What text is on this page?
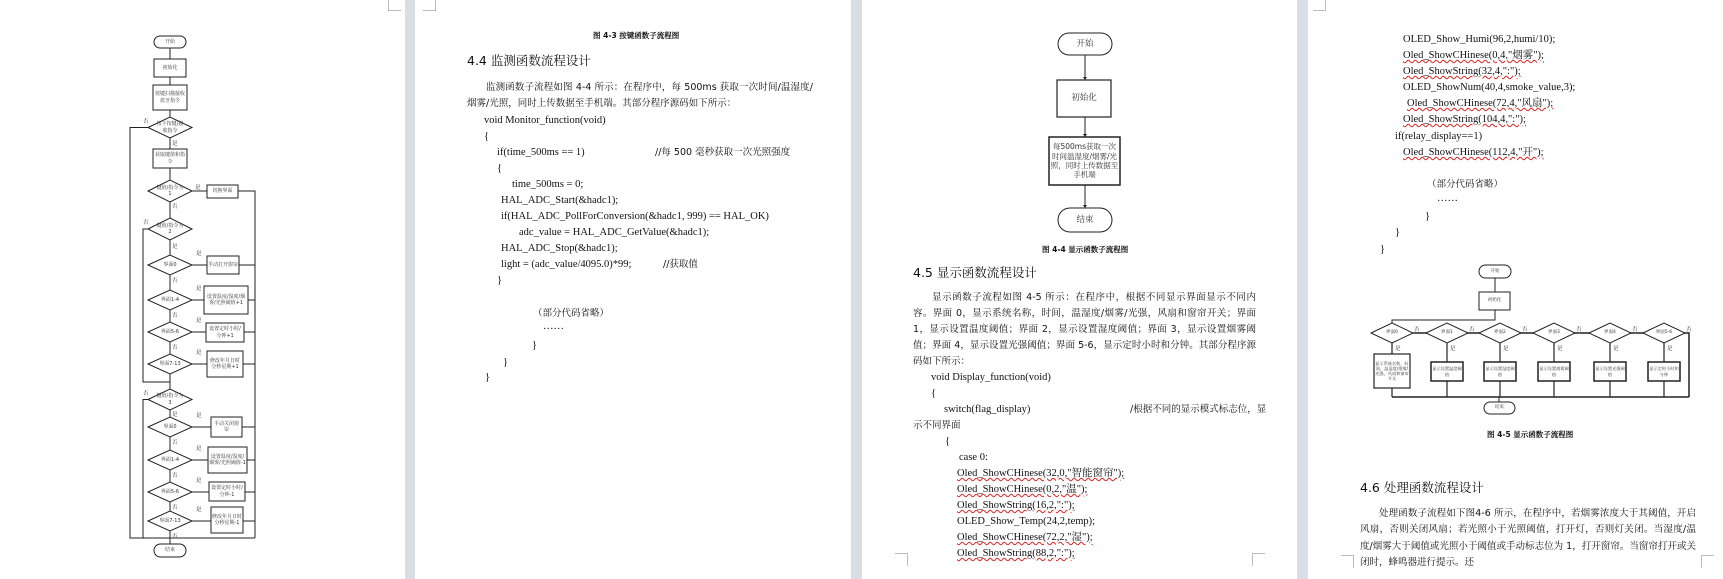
图 4-3 按键函数子流程图
4.4 监测函数流程设计
监测函数子流程如图 4-4 所示：在程序中，每 500ms 获取一次时间/温湿度/烟雾/光照，同时上传数据至手机端。其部分程序源码如下所示：
void Monitor_function(void)
{
if(time_500ms == 1)	//每 500 毫秒获取一次光照强度
{
time_500ms = 0;
HAL_ADC_Start(&hadc1);
if(HAL_ADC_PollForConversion(&hadc1, 999) == HAL_OK)
adc_value = HAL_ADC_GetValue(&hadc1);
HAL_ADC_Stop(&hadc1);
light = (adc_value/4095.0)*99;	//获取值
}
（部分代码省略）
……
}
}
}
图 4-4 显示函数子流程图
4.5 显示函数流程设计
显示函数子流程如图 4-5 所示：在程序中，根据不同显示界面显示不同内容。界面 0，显示系统名称，时间，温湿度/烟雾/光强，风扇和窗帘开关；界面 1，显示设置温度阈值；界面 2，显示设置湿度阈值；界面 3，显示设置烟雾阈值；界面 4，显示设置光强阈值；界面 5-6，显示定时小时和分钟。其部分程序源码如下所示：
void Display_function(void)
{
switch(flag_display)	/根据不同的显示模式标志位，显
示不同界面
{
case 0:
Oled_ShowCHinese(32,0,"智能窗帘");
Oled_ShowCHinese(0,2,"温");
Oled_ShowString(16,2,":");
OLED_Show_Temp(24,2,temp);
Oled_ShowCHinese(72,2,"湿");
Oled_ShowString(88,2,":");
OLED_Show_Humi(96,2,humi/10);
Oled_ShowCHinese(0,4,"烟雾");
Oled_ShowString(32,4,":");
OLED_ShowNum(40,4,smoke_value,3);
Oled_ShowCHinese(72,4,"风扇");
Oled_ShowString(104,4,":");
if(relay_display==1)
Oled_ShowCHinese(112,4,"开");
（部分代码省略）
……
}
}
}
图 4-5 显示函数子流程图
4.6 处理函数流程设计
处理函数子流程如下图4-6 所示，在程序中，若烟雾浓度大于其阈值，开启风扇，否则关闭风扇；若光照小于光照阈值，打开灯，否则灯关闭。当湿度/温度/烟雾大于阈值或光照小于阈值或手动标志位为 1，打开窗帘。当窗帘打开或关闭时，蜂鸣器进行提示。还
开始
初始化
按键扫描接收蓝牙指令
按下按键/接收指令
获取键值和指令
键值/指令为1	切换界面
键值/指令为2
界面0	手动打开窗帘
界面1-4
设置温度/湿度/烟雾/光照阈值+1
界面5-6	设置定时小时/分钟+1
界面7-13
修改年月日时分秒星期+1
键值/指令为3
界面0
手动关闭窗帘
界面1-4
设置温度/湿度/烟雾/光照阈值-1
界面5-6
设置定时小时/分钟-1
界面7-13
修改年月日时分秒星期-1
结束
否
是
是
否
否
是
是
是
是
是
是
是
是
是
否
否
否
否
否
否
否
否
是
开始
初始化
每500ms获取一次时间温湿度/烟雾/光照，同时上传数据至手机端
结束
开始
初始化
界面0	否
是
界面1	否
是
界面2	否
是
界面3	否
是
界面4	否
是
界面5-6	否
是
显示系统名称，时间，温湿度/烟雾/光强，风扇和窗帘开关
显示设置温度阈值
显示设置湿度阈值
显示设置烟雾阈值
显示设置光强阈值
显示定时小时和分钟
结束
